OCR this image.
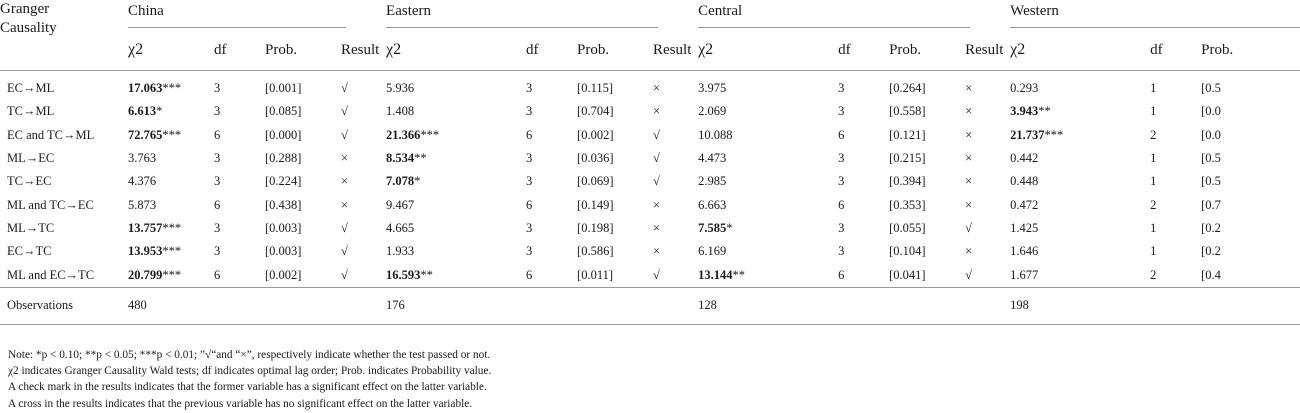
Granger
Causality	China				Eastern				Central				Western		

	χ2	df	Prob.	Result	χ2	df	Prob.	Result	χ2	df	Prob.	Result	χ2	df	Prob.
EC→ML	17.063***	3	[0.001]	√	5.936	3	[0.115]	×	3.975	3	[0.264]	×	0.293	1	[0.5
TC→ML	6.613*	3	[0.085]	√	1.408	3	[0.704]	×	2.069	3	[0.558]	×	3.943**	1	[0.0
EC and TC→ML	72.765***	6	[0.000]	√	21.366***	6	[0.002]	√	10.088	6	[0.121]	×	21.737***	2	[0.0
ML→EC	3.763	3	[0.288]	×	8.534**	3	[0.036]	√	4.473	3	[0.215]	×	0.442	1	[0.5
TC→EC	4.376	3	[0.224]	×	7.078*	3	[0.069]	√	2.985	3	[0.394]	×	0.448	1	[0.5
ML and TC→EC	5.873	6	[0.438]	×	9.467	6	[0.149]	×	6.663	6	[0.353]	×	0.472	2	[0.7
ML→TC	13.757***	3	[0.003]	√	4.665	3	[0.198]	×	7.585*	3	[0.055]	√	1.425	1	[0.2
EC→TC	13.953***	3	[0.003]	√	1.933	3	[0.586]	×	6.169	3	[0.104]	×	1.646	1	[0.2
ML and EC→TC	20.799***	6	[0.002]	√	16.593**	6	[0.011]	√	13.144**	6	[0.041]	√	1.677	2	[0.4
Observations	480				176				128				198		
Note: *p < 0.10; **p < 0.05; ***p < 0.01; ”√“and “×”, respectively indicate whether the test passed or not.
χ2 indicates Granger Causality Wald tests; df indicates optimal lag order; Prob. indicates Probability value.
A check mark in the results indicates that the former variable has a significant effect on the latter variable.
A cross in the results indicates that the previous variable has no significant effect on the latter variable.
